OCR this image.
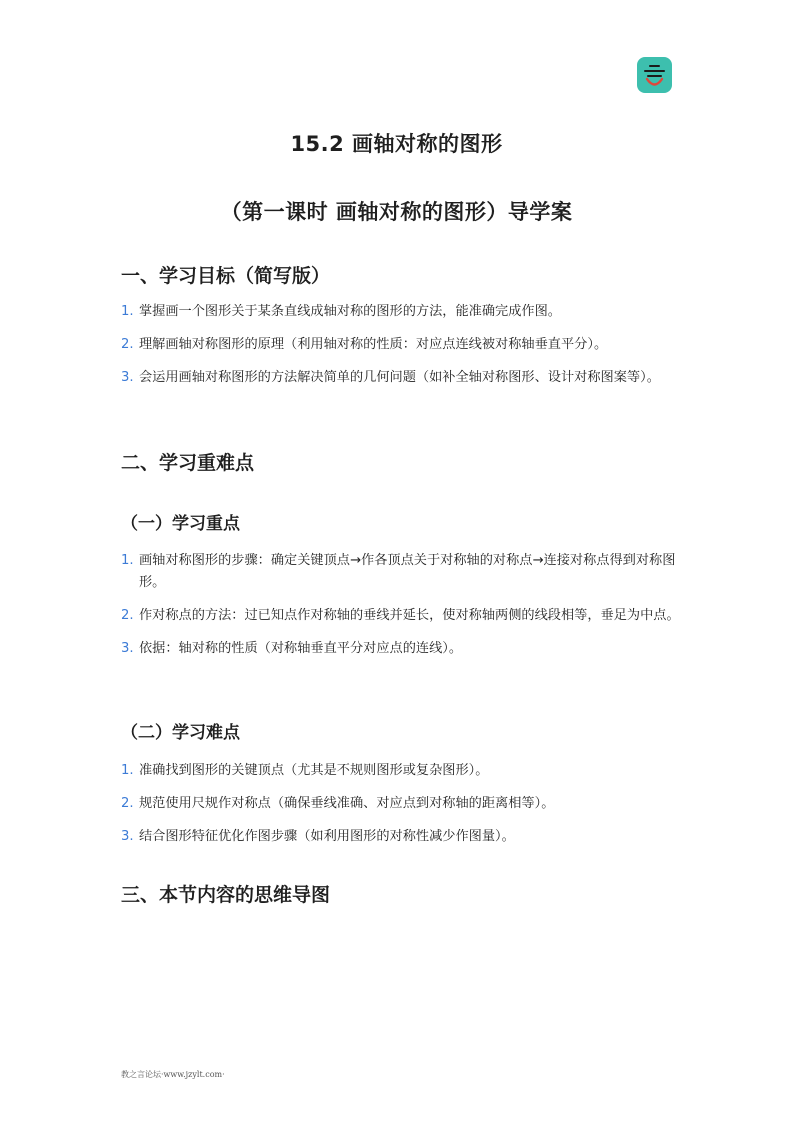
15.2 画轴对称的图形
（第一课时 画轴对称的图形）导学案
一、学习目标（简写版）
1. 掌握画一个图形关于某条直线成轴对称的图形的方法，能准确完成作图。
2. 理解画轴对称图形的原理（利用轴对称的性质：对应点连线被对称轴垂直平分）。
3. 会运用画轴对称图形的方法解决简单的几何问题（如补全轴对称图形、设计对称图案等）。
二、学习重难点
（一）学习重点
1. 画轴对称图形的步骤：确定关键顶点→作各顶点关于对称轴的对称点→连接对称点得到对称图形。
2. 作对称点的方法：过已知点作对称轴的垂线并延长，使对称轴两侧的线段相等，垂足为中点。
3. 依据：轴对称的性质（对称轴垂直平分对应点的连线）。
（二）学习难点
1. 准确找到图形的关键顶点（尤其是不规则图形或复杂图形）。
2. 规范使用尺规作对称点（确保垂线准确、对应点到对称轴的距离相等）。
3. 结合图形特征优化作图步骤（如利用图形的对称性减少作图量）。
三、本节内容的思维导图
教之言论坛·www.jzylt.com·
